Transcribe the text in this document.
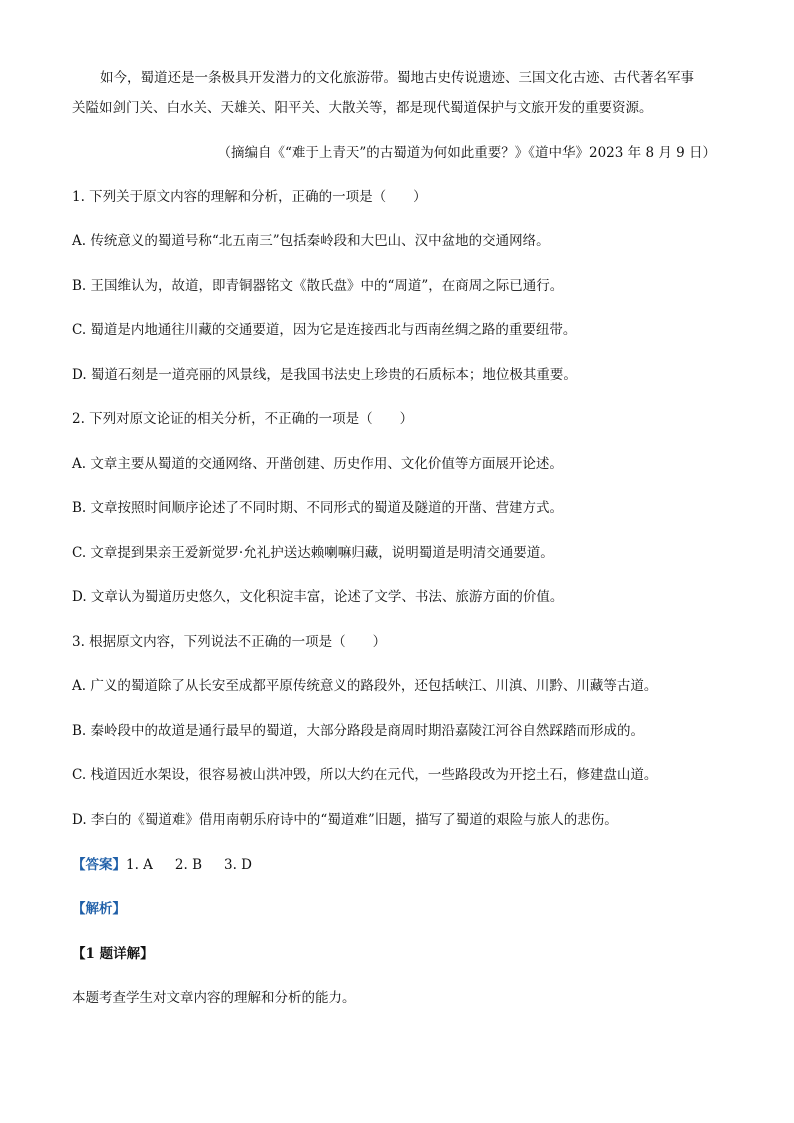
如今，蜀道还是一条极具开发潜力的文化旅游带。蜀地古史传说遗迹、三国文化古迹、古代著名军事
关隘如剑门关、白水关、天雄关、阳平关、大散关等，都是现代蜀道保护与文旅开发的重要资源。
（摘编自《“难于上青天”的古蜀道为何如此重要？》《道中华》2023 年 8 月 9 日）
1. 下列关于原文内容的理解和分析，正确的一项是（　　）
A. 传统意义的蜀道号称“北五南三”包括秦岭段和大巴山、汉中盆地的交通网络。
B. 王国维认为，故道，即青铜器铭文《散氏盘》中的“周道”，在商周之际已通行。
C. 蜀道是内地通往川藏的交通要道，因为它是连接西北与西南丝绸之路的重要纽带。
D. 蜀道石刻是一道亮丽的风景线，是我国书法史上珍贵的石质标本；地位极其重要。
2. 下列对原文论证的相关分析，不正确的一项是（　　）
A. 文章主要从蜀道的交通网络、开凿创建、历史作用、文化价值等方面展开论述。
B. 文章按照时间顺序论述了不同时期、不同形式的蜀道及隧道的开凿、营建方式。
C. 文章提到果亲王爱新觉罗·允礼护送达赖喇嘛归藏，说明蜀道是明清交通要道。
D. 文章认为蜀道历史悠久，文化积淀丰富，论述了文学、书法、旅游方面的价值。
3. 根据原文内容，下列说法不正确的一项是（　　）
A. 广义的蜀道除了从长安至成都平原传统意义的路段外，还包括峡江、川滇、川黔、川藏等古道。
B. 秦岭段中的故道是通行最早的蜀道，大部分路段是商周时期沿嘉陵江河谷自然踩踏而形成的。
C. 栈道因近水架设，很容易被山洪冲毁，所以大约在元代，一些路段改为开挖土石，修建盘山道。
D. 李白的《蜀道难》借用南朝乐府诗中的“蜀道难”旧题，描写了蜀道的艰险与旅人的悲伤。
【答案】1. A 2. B 3. D
【解析】
【1 题详解】
本题考查学生对文章内容的理解和分析的能力。
